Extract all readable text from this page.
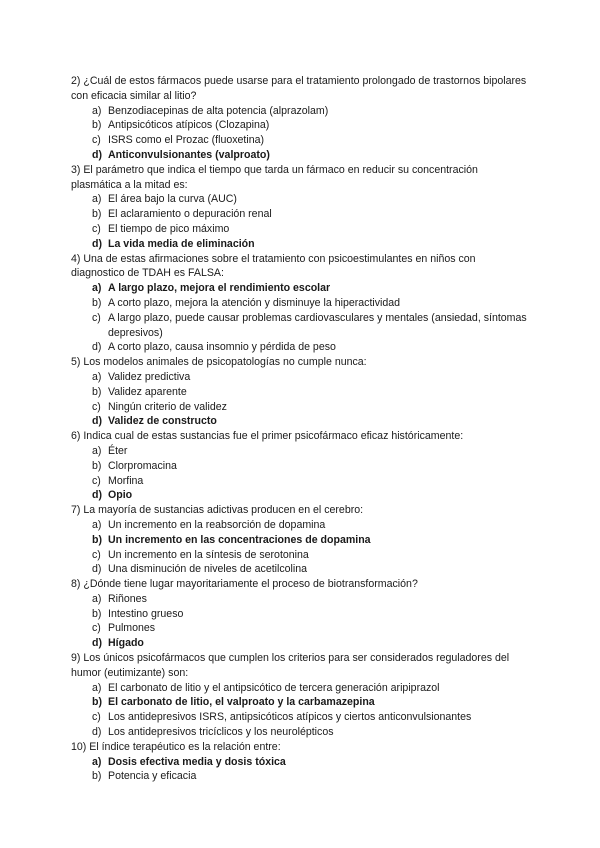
2) ¿Cuál de estos fármacos puede usarse para el tratamiento prolongado de trastornos bipolares con eficacia similar al litio?
a) Benzodiacepinas de alta potencia (alprazolam)
b) Antipsicóticos atípicos (Clozapina)
c) ISRS como el Prozac (fluoxetina)
d) Anticonvulsionantes (valproato)
3) El parámetro que indica el tiempo que tarda un fármaco en reducir su concentración plasmática a la mitad es:
a) El área bajo la curva (AUC)
b) El aclaramiento o depuración renal
c) El tiempo de pico máximo
d) La vida media de eliminación
4) Una de estas afirmaciones sobre el tratamiento con psicoestimulantes en niños con diagnostico de TDAH es FALSA:
a) A largo plazo, mejora el rendimiento escolar
b) A corto plazo, mejora la atención y disminuye la hiperactividad
c) A largo plazo, puede causar problemas cardiovasculares y mentales (ansiedad, síntomas depresivos)
d) A corto plazo, causa insomnio y pérdida de peso
5) Los modelos animales de psicopatologías no cumple nunca:
a) Validez predictiva
b) Validez aparente
c) Ningún criterio de validez
d) Validez de constructo
6) Indica cual de estas sustancias fue el primer psicofármaco eficaz históricamente:
a) Éter
b) Clorpromacina
c) Morfina
d) Opio
7) La mayoría de sustancias adictivas producen en el cerebro:
a) Un incremento en la reabsorción de dopamina
b) Un incremento en las concentraciones de dopamina
c) Un incremento en la síntesis de serotonina
d) Una disminución de niveles de acetilcolina
8) ¿Dónde tiene lugar mayoritariamente el proceso de biotransformación?
a) Riñones
b) Intestino grueso
c) Pulmones
d) Hígado
9) Los únicos psicofármacos que cumplen los criterios para ser considerados reguladores del humor (eutimizante) son:
a) El carbonato de litio y el antipsicótico de tercera generación aripiprazol
b) El carbonato de litio, el valproato y la carbamazepina
c) Los antidepresivos ISRS, antipsicóticos atípicos y ciertos anticonvulsionantes
d) Los antidepresivos tricíclicos y los neurolépticos
10) El índice terapéutico es la relación entre:
a) Dosis efectiva media y dosis tóxica
b) Potencia y eficacia
